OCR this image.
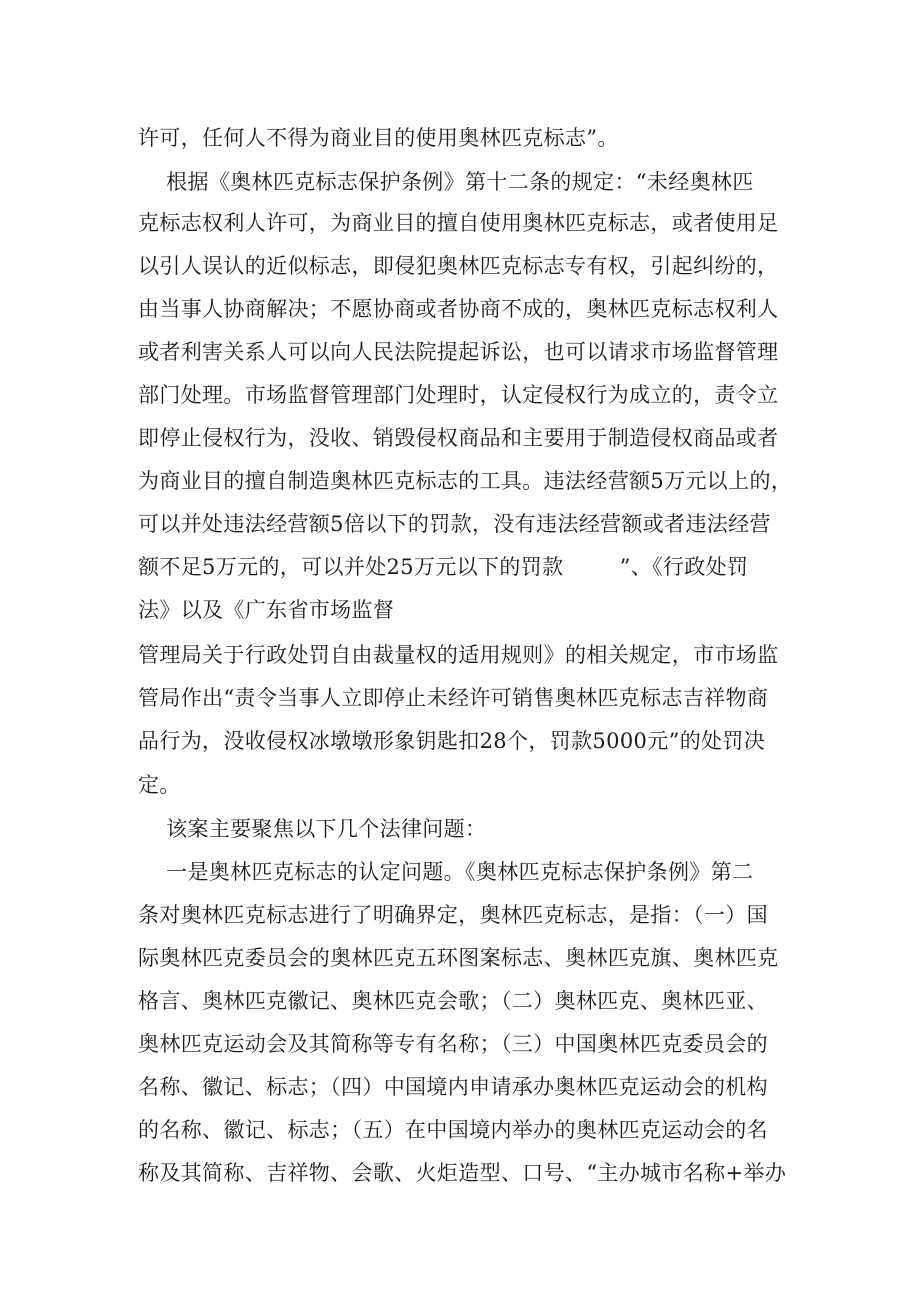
许可，任何人不得为商业目的使用奥林匹克标志”。
根据《奥林匹克标志保护条例》第十二条的规定：“未经奥林匹
克标志权利人许可，为商业目的擅自使用奥林匹克标志，或者使用足
以引人误认的近似标志，即侵犯奥林匹克标志专有权，引起纠纷的，
由当事人协商解决；不愿协商或者协商不成的，奥林匹克标志权利人
或者利害关系人可以向人民法院提起诉讼，也可以请求市场监督管理
部门处理。市场监督管理部门处理时，认定侵权行为成立的，责令立
即停止侵权行为，没收、销毁侵权商品和主要用于制造侵权商品或者
为商业目的擅自制造奥林匹克标志的工具。违法经营额5万元以上的，
可以并处违法经营额5倍以下的罚款，没有违法经营额或者违法经营
额不足5万元的，可以并处25万元以下的罚款        ”、《行政处罚
法》以及《广东省市场监督
管理局关于行政处罚自由裁量权的适用规则》的相关规定，市市场监
管局作出“责令当事人立即停止未经许可销售奥林匹克标志吉祥物商
品行为，没收侵权冰墩墩形象钥匙扣28个，罚款5000元”的处罚决
定。
该案主要聚焦以下几个法律问题：
一是奥林匹克标志的认定问题。《奥林匹克标志保护条例》第二
条对奥林匹克标志进行了明确界定，奥林匹克标志，是指：（一）国
际奥林匹克委员会的奥林匹克五环图案标志、奥林匹克旗、奥林匹克
格言、奥林匹克徽记、奥林匹克会歌；（二）奥林匹克、奥林匹亚、
奥林匹克运动会及其简称等专有名称；（三）中国奥林匹克委员会的
名称、徽记、标志；（四）中国境内申请承办奥林匹克运动会的机构
的名称、徽记、标志；（五）在中国境内举办的奥林匹克运动会的名
称及其简称、吉祥物、会歌、火炬造型、口号、“主办城市名称+举办
